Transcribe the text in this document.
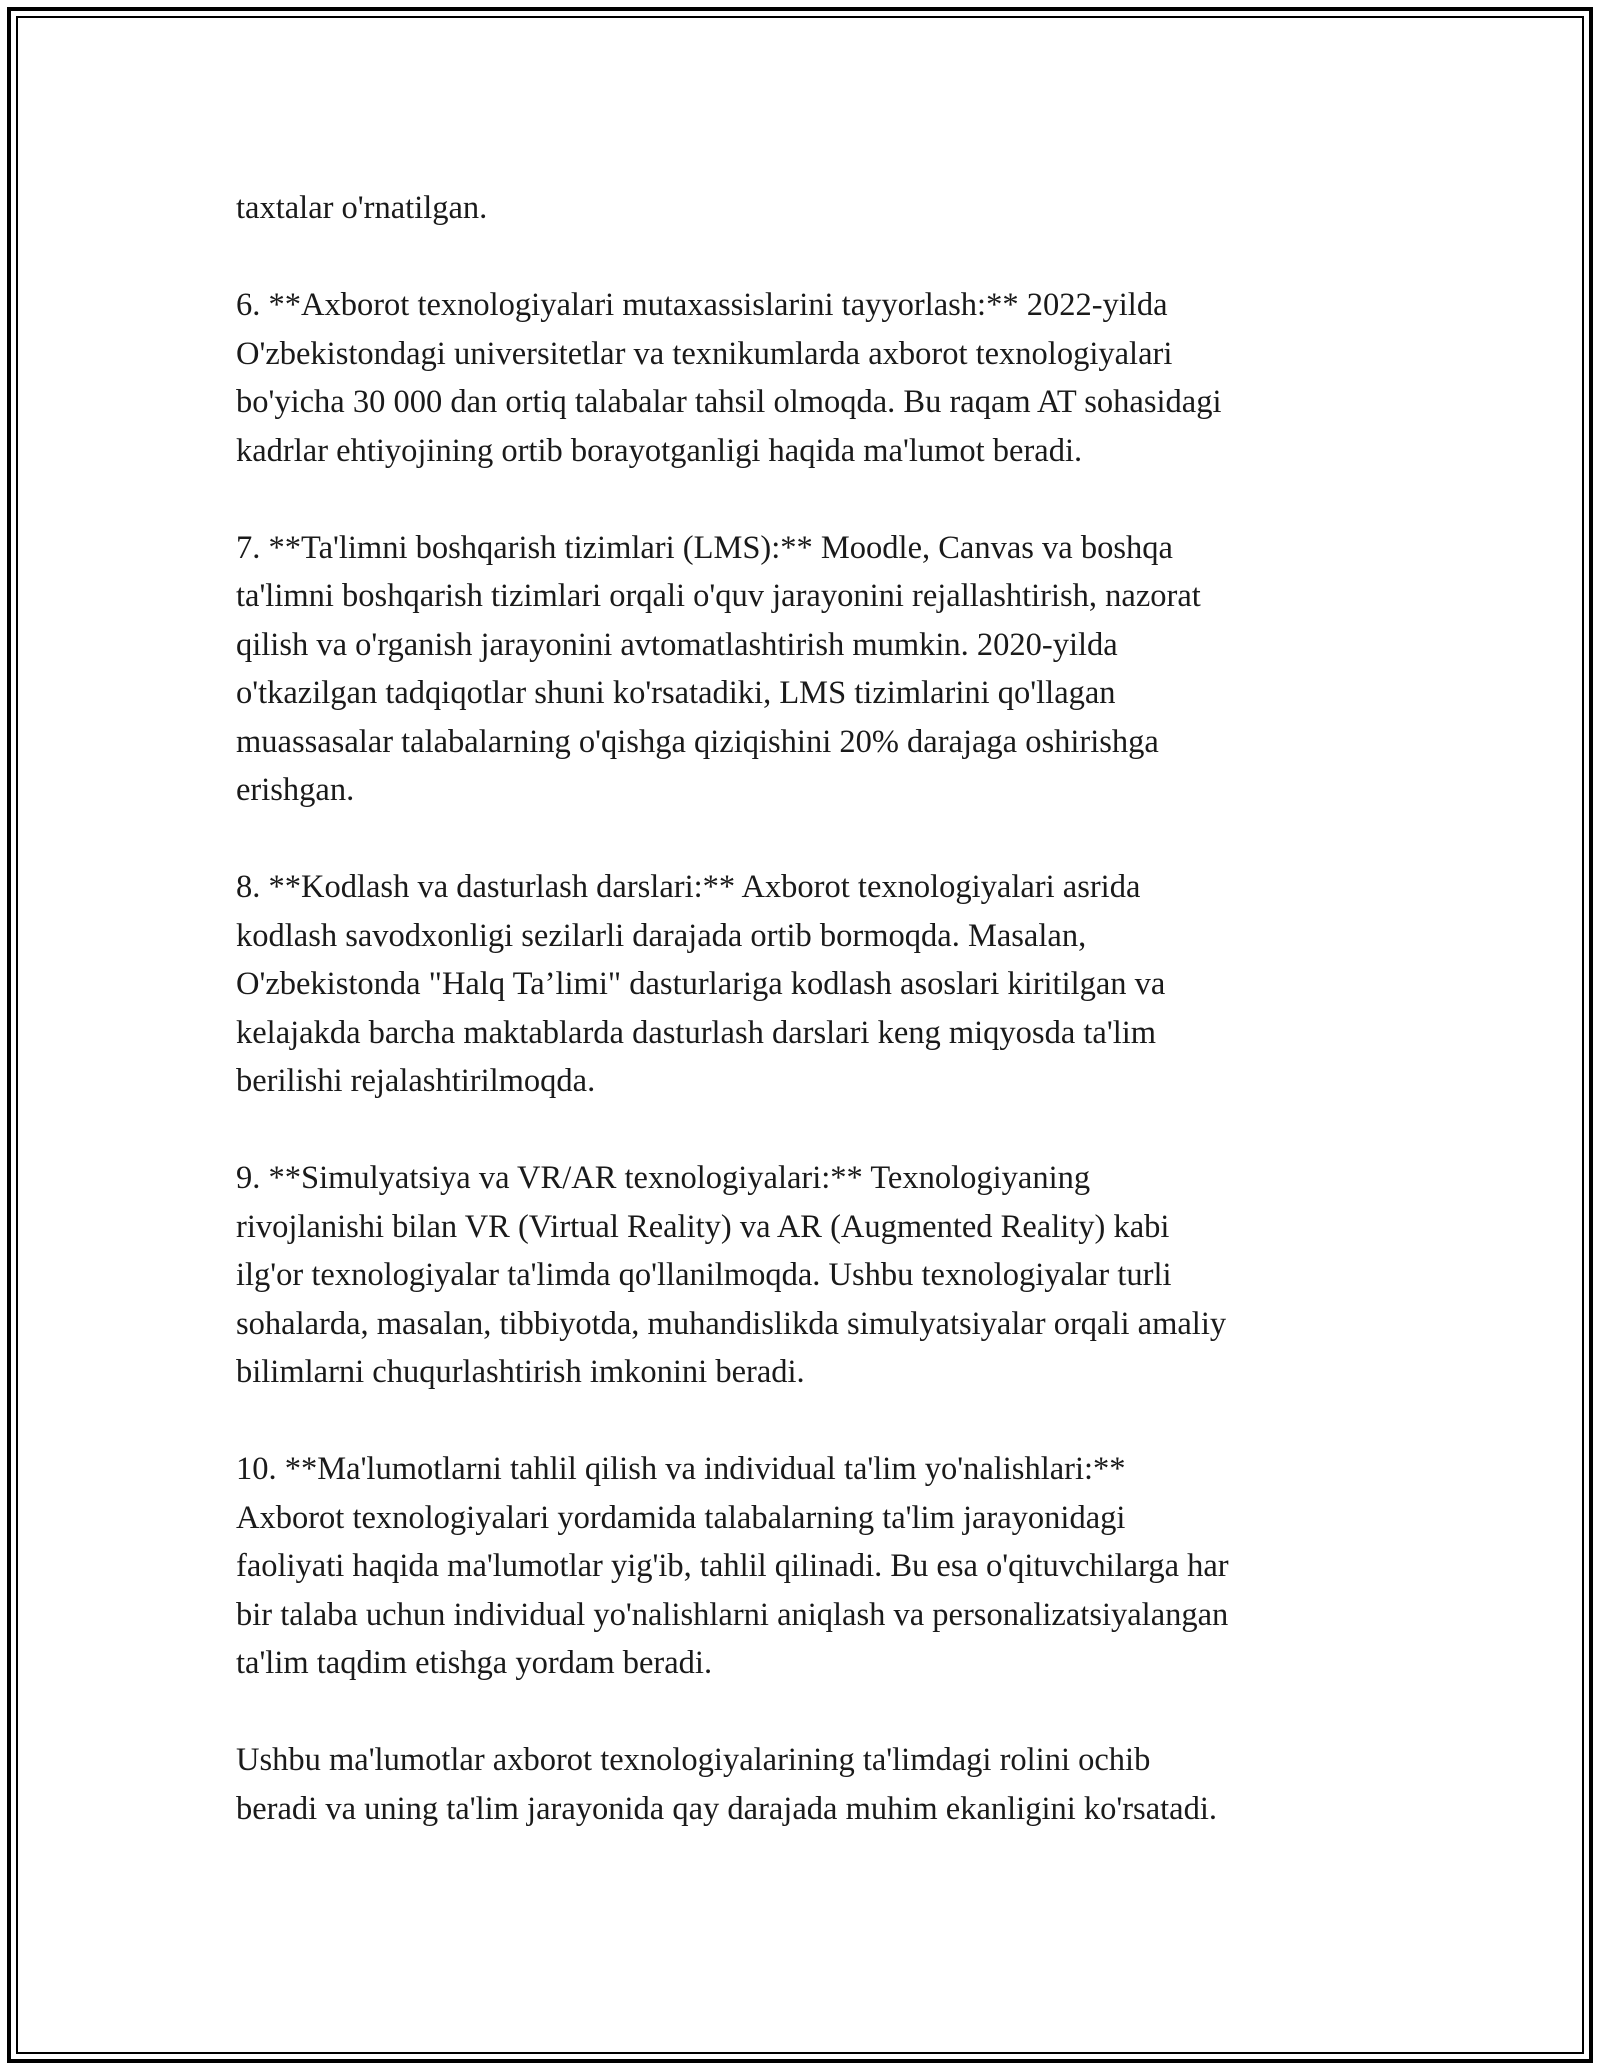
taxtalar o'rnatilgan.

6. **Axborot texnologiyalari mutaxassislarini tayyorlash:** 2022-yilda
O'zbekistondagi universitetlar va texnikumlarda axborot texnologiyalari
bo'yicha 30 000 dan ortiq talabalar tahsil olmoqda. Bu raqam AT sohasidagi
kadrlar ehtiyojining ortib borayotganligi haqida ma'lumot beradi.

7. **Ta'limni boshqarish tizimlari (LMS):** Moodle, Canvas va boshqa
ta'limni boshqarish tizimlari orqali o'quv jarayonini rejallashtirish, nazorat
qilish va o'rganish jarayonini avtomatlashtirish mumkin. 2020-yilda
o'tkazilgan tadqiqotlar shuni ko'rsatadiki, LMS tizimlarini qo'llagan
muassasalar talabalarning o'qishga qiziqishini 20% darajaga oshirishga
erishgan.

8. **Kodlash va dasturlash darslari:** Axborot texnologiyalari asrida
kodlash savodxonligi sezilarli darajada ortib bormoqda. Masalan,
O'zbekistonda "Halq Ta’limi" dasturlariga kodlash asoslari kiritilgan va
kelajakda barcha maktablarda dasturlash darslari keng miqyosda ta'lim
berilishi rejalashtirilmoqda.

9. **Simulyatsiya va VR/AR texnologiyalari:** Texnologiyaning
rivojlanishi bilan VR (Virtual Reality) va AR (Augmented Reality) kabi
ilg'or texnologiyalar ta'limda qo'llanilmoqda. Ushbu texnologiyalar turli
sohalarda, masalan, tibbiyotda, muhandislikda simulyatsiyalar orqali amaliy
bilimlarni chuqurlashtirish imkonini beradi.

10. **Ma'lumotlarni tahlil qilish va individual ta'lim yo'nalishlari:**
Axborot texnologiyalari yordamida talabalarning ta'lim jarayonidagi
faoliyati haqida ma'lumotlar yig'ib, tahlil qilinadi. Bu esa o'qituvchilarga har
bir talaba uchun individual yo'nalishlarni aniqlash va personalizatsiyalangan
ta'lim taqdim etishga yordam beradi.

Ushbu ma'lumotlar axborot texnologiyalarining ta'limdagi rolini ochib
beradi va uning ta'lim jarayonida qay darajada muhim ekanligini ko'rsatadi.
